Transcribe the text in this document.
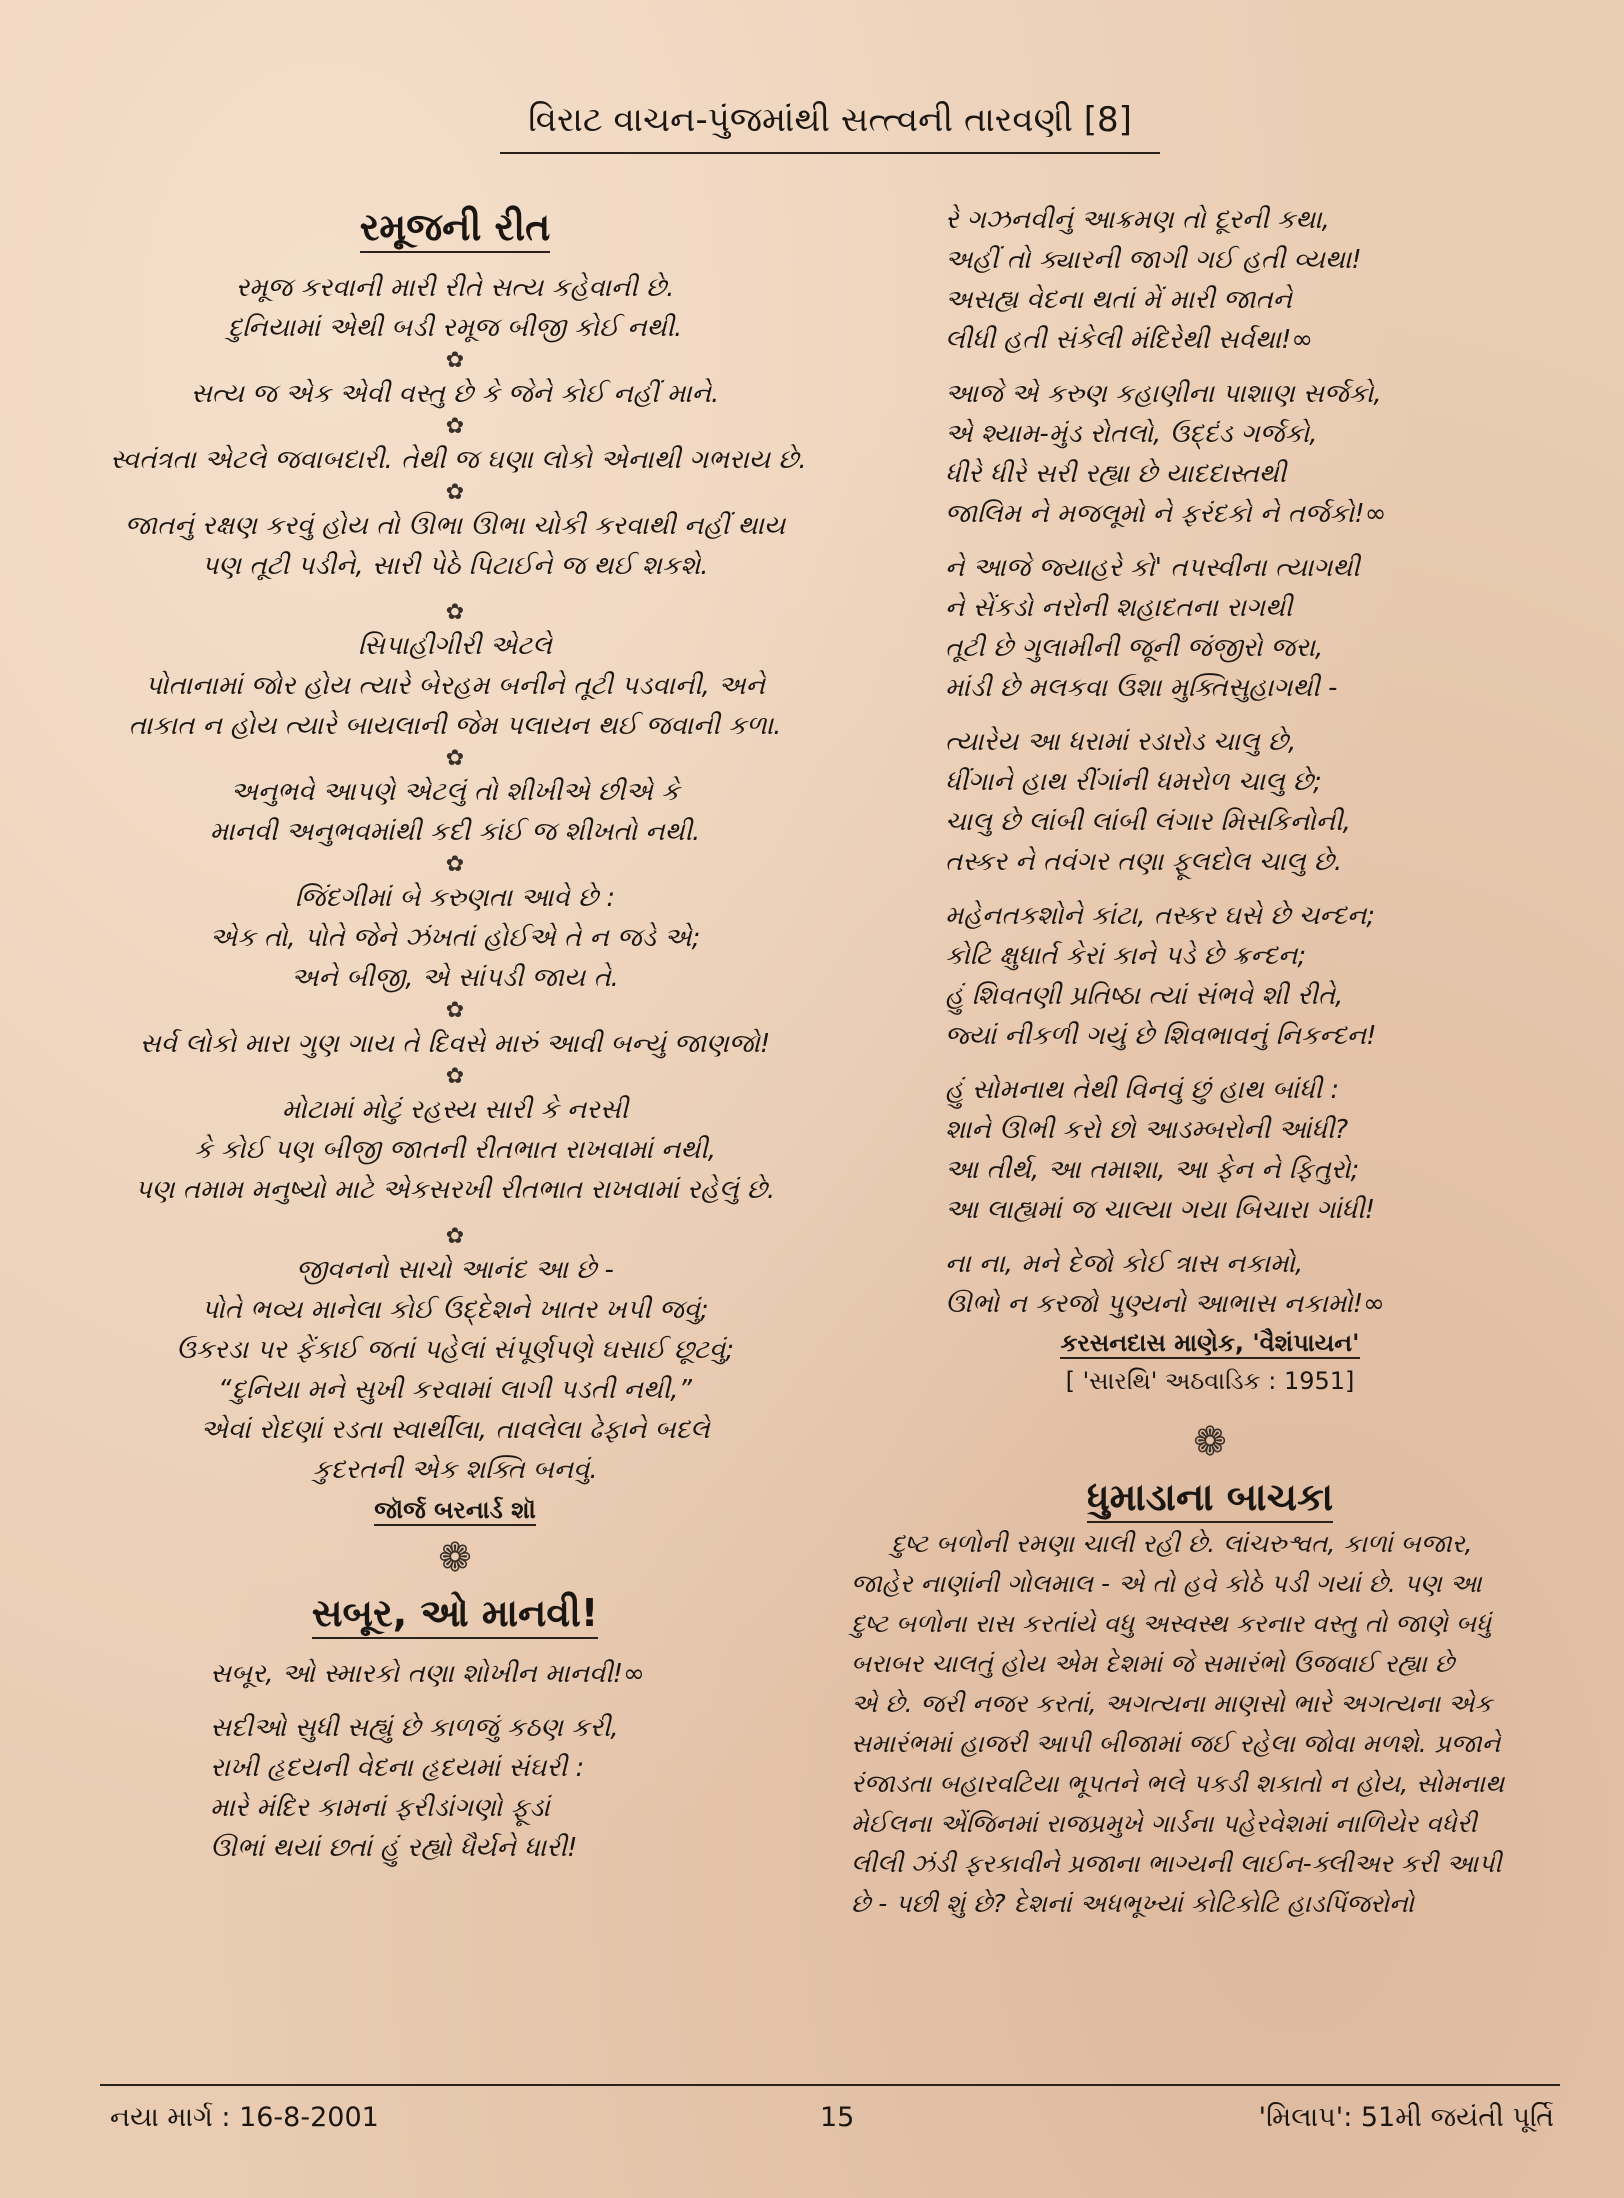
વિરાટ વાચન-પુંજમાંથી સત્ત્વની તારવણી [8]
રમૂજની રીત
રમૂજ કરવાની મારી રીતે સત્ય કહેવાની છે.
દુનિયામાં એથી બડી રમૂજ બીજી કોઈ નથી.
✿
સત્ય જ એક એવી વસ્તુ છે કે જેને કોઈ નહીં માને.
✿
સ્વતંત્રતા એટલે જવાબદારી. તેથી જ ઘણા લોકો એનાથી ગભરાય છે.
✿
જાતનું રક્ષણ કરવું હોય તો ઊભા ઊભા ચોકી કરવાથી નહીં થાય
પણ તૂટી પડીને, સારી પેઠે પિટાઈને જ થઈ શકશે.
✿
સિપાહીગીરી એટલે
પોતાનામાં જોર હોય ત્યારે બેરહમ બનીને તૂટી પડવાની, અને
તાકાત ન હોય ત્યારે બાયલાની જેમ પલાયન થઈ જવાની કળા.
✿
અનુભવે આપણે એટલું તો શીખીએ છીએ કે
માનવી અનુભવમાંથી કદી કાંઈ જ શીખતો નથી.
✿
જિંદગીમાં બે કરુણતા આવે છે :
એક તો, પોતે જેને ઝંખતાં હોઈએ તે ન જડે એ;
અને બીજી, એ સાંપડી જાય તે.
✿
સર્વ લોકો મારા ગુણ ગાય તે દિવસે મારું આવી બન્યું જાણજો!
✿
મોટામાં મોટું રહસ્ય સારી કે નરસી
કે કોઈ પણ બીજી જાતની રીતભાત રાખવામાં નથી,
પણ તમામ મનુષ્યો માટે એકસરખી રીતભાત રાખવામાં રહેલું છે.
✿
જીવનનો સાચો આનંદ આ છે -
પોતે ભવ્ય માનેલા કોઈ ઉદ્દેશને ખાતર ખપી જવું;
ઉકરડા પર ફેંકાઈ જતાં પહેલાં સંપૂર્ણપણે ઘસાઈ છૂટવું;
“દુનિયા મને સુખી કરવામાં લાગી પડતી નથી,”
એવાં રોદણાં રડતા સ્વાર્થીલા, તાવલેલા ઢેફાને બદલે
કુદરતની એક શક્તિ બનવું.
જૉર્જ બરનાર્ડ શૉ
❁
સબૂર, ઓ માનવી!
સબૂર, ઓ સ્મારકો તણા શોખીન માનવી!∞
સદીઓ સુધી સહ્યું છે કાળજું કઠણ કરી,
રાખી હૃદયની વેદના હૃદયમાં સંઘરી :
મારે મંદિર કામનાં ફરીડાંગણો ફૂડાં
ઊભાં થયાં છતાં હું રહ્યો ધૈર્યને ધારી!
રે ગઝનવીનું આક્રમણ તો દૂરની કથા,
અહીં તો ક્યારની જાગી ગઈ હતી વ્યથા!
અસહ્ય વેદના થતાં મેં મારી જાતને
લીધી હતી સંકેલી મંદિરેથી સર્વથા!∞
આજે એ કરુણ કહાણીના પાશાણ સર્જકો,
એ શ્યામ-મુંડ રોતલો, ઉદ્દંડ ગર્જકો,
ધીરે ધીરે સરી રહ્યા છે યાદદાસ્તથી
જાલિમ ને મજલૂમો ને ફરંદકો ને તર્જકો!∞
ને આજે જ્યાહરે કો' તપસ્વીના ત્યાગથી
ને સેંકડો નરોની શહાદતના રાગથી
તૂટી છે ગુલામીની જૂની જંજીરો જરા,
માંડી છે મલકવા ઉશા મુક્તિસુહાગથી -
ત્યારેય આ ધરામાં રડારોડ ચાલુ છે,
ધીંગાને હાથ રીંગાંની ધમરોળ ચાલુ છે;
ચાલુ છે લાંબી લાંબી લંગાર મિસકિનોની,
તસ્કર ને તવંગર તણા ફૂલદોલ ચાલુ છે.
મહેનતકશોને કાંટા, તસ્કર ઘસે છે ચન્દન;
કોટિ ક્ષુધાર્ત કેરાં કાને પડે છે ક્રન્દન;
હું શિવતણી પ્રતિષ્ઠા ત્યાં સંભવે શી રીતે,
જ્યાં નીકળી ગયું છે શિવભાવનું નિકન્દન!
હું સોમનાથ તેથી વિનવું છું હાથ બાંધી :
શાને ઊભી કરો છો આડમ્બરોની આંધી?
આ તીર્થ, આ તમાશા, આ ફેન ને ફિતુરો;
આ લાહ્યમાં જ ચાલ્યા ગયા બિચારા ગાંધી!
ના ના, મને દેજો કોઈ ત્રાસ નકામો,
ઊભો ન કરજો પુણ્યનો આભાસ નકામો!∞
કરસનદાસ માણેક, 'વૈશંપાયન'
[ 'સારથિ' અઠવાડિક : 1951]
❁
ધુમાડાના બાચકા

દુષ્ટ બળોની રમણા ચાલી રહી છે. લાંચરુશ્વત, કાળાં બજાર,

જાહેર નાણાંની ગોલમાલ - એ તો હવે કોઠે પડી ગયાં છે. પણ આ

દુષ્ટ બળોના રાસ કરતાંયે વધુ અસ્વસ્થ કરનાર વસ્તુ તો જાણે બધું

બરાબર ચાલતું હોય એમ દેશમાં જે સમારંભો ઉજવાઈ રહ્યા છે

એ છે. જરી નજર કરતાં, અગત્યના માણસો ભારે અગત્યના એક

સમારંભમાં હાજરી આપી બીજામાં જઈ રહેલા જોવા મળશે. પ્રજાને

રંજાડતા બહારવટિયા ભૂપતને ભલે પકડી શકાતો ન હોય, સોમનાથ

મેઈલના એંજિનમાં રાજપ્રમુખે ગાર્ડના પહેરવેશમાં નાળિયેર વધેરી

લીલી ઝંડી ફરકાવીને પ્રજાના ભાગ્યની લાઈન-ક્લીઅર કરી આપી

છે - પછી શું છે? દેશનાં અધભૂખ્યાં કોટિકોટિ હાડપિંજરોનો

નયા માર્ગ : 16-8-2001	15	'મિલાપ': 51મી જયંતી પૂર્તિ
